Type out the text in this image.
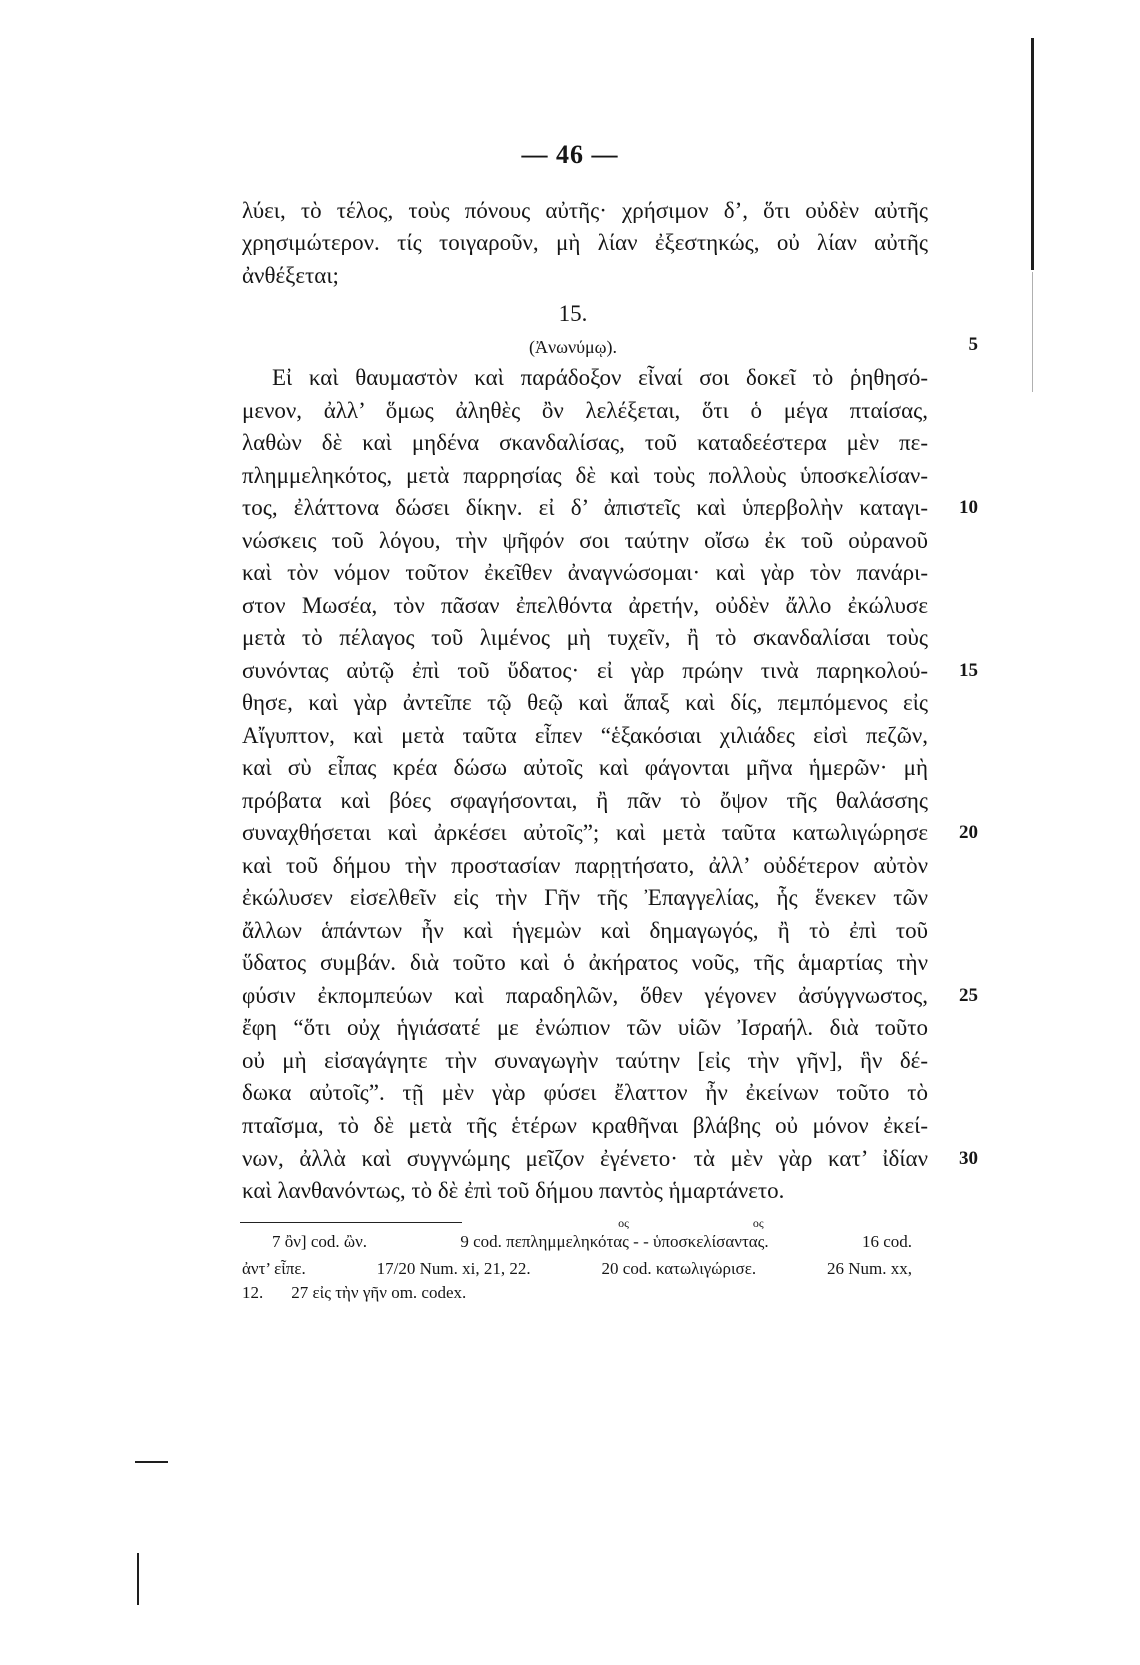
— 46 —
λύει, τὸ τέλος, τοὺς πόνους αὐτῆς· χρήσιμον δ’, ὅτι οὐδὲν αὐτῆς
χρησιμώτερον. τίς τοιγαροῦν, μὴ λίαν ἐξεστηκώς, οὐ λίαν αὐτῆς
ἀνθέξεται;
15.
(Ἀνωνύμῳ).	5
Εἰ καὶ θαυμαστὸν καὶ παράδοξον εἶναί σοι δοκεῖ τὸ ῥηθησό-
μενον, ἀλλ’ ὅμως ἀληθὲς ὂν λελέξεται, ὅτι ὁ μέγα πταίσας,
λαθὼν δὲ καὶ μηδένα σκανδαλίσας, τοῦ καταδεέστερα μὲν πε-
πλημμεληκότος, μετὰ παρρησίας δὲ καὶ τοὺς πολλοὺς ὑποσκελίσαν-
τος, ἐλάττονα δώσει δίκην. εἰ δ’ ἀπιστεῖς καὶ ὑπερβολὴν καταγι-	10
νώσκεις τοῦ λόγου, τὴν ψῆφόν σοι ταύτην οἴσω ἐκ τοῦ οὐρανοῦ
καὶ τὸν νόμον τοῦτον ἐκεῖθεν ἀναγνώσομαι· καὶ γὰρ τὸν πανάρι-
στον Μωσέα, τὸν πᾶσαν ἐπελθόντα ἀρετήν, οὐδὲν ἄλλο ἐκώλυσε
μετὰ τὸ πέλαγος τοῦ λιμένος μὴ τυχεῖν, ἢ τὸ σκανδαλίσαι τοὺς
συνόντας αὐτῷ ἐπὶ τοῦ ὕδατος· εἰ γὰρ πρώην τινὰ παρηκολού-	15
θησε, καὶ γὰρ ἀντεῖπε τῷ θεῷ καὶ ἅπαξ καὶ δίς, πεμπόμενος εἰς
Αἴγυπτον, καὶ μετὰ ταῦτα εἶπεν “ἑξακόσιαι χιλιάδες εἰσὶ πεζῶν,
καὶ σὺ εἶπας κρέα δώσω αὐτοῖς καὶ φάγονται μῆνα ἡμερῶν· μὴ
πρόβατα καὶ βόες σφαγήσονται, ἢ πᾶν τὸ ὄψον τῆς θαλάσσης
συναχθήσεται καὶ ἀρκέσει αὐτοῖς”; καὶ μετὰ ταῦτα κατωλιγώρησε	20
καὶ τοῦ δήμου τὴν προστασίαν παρῃτήσατο, ἀλλ’ οὐδέτερον αὐτὸν
ἐκώλυσεν εἰσελθεῖν εἰς τὴν Γῆν τῆς Ἐπαγγελίας, ἧς ἕνεκεν τῶν
ἄλλων ἁπάντων ἦν καὶ ἡγεμὼν καὶ δημαγωγός, ἢ τὸ ἐπὶ τοῦ
ὕδατος συμβάν. διὰ τοῦτο καὶ ὁ ἀκήρατος νοῦς, τῆς ἁμαρτίας τὴν
φύσιν ἐκπομπεύων καὶ παραδηλῶν, ὅθεν γέγονεν ἀσύγγνωστος,	25
ἔφη “ὅτι οὐχ ἡγιάσατέ με ἐνώπιον τῶν υἱῶν Ἰσραήλ. διὰ τοῦτο
οὐ μὴ εἰσαγάγητε τὴν συναγωγὴν ταύτην [εἰς τὴν γῆν], ἣν δέ-
δωκα αὐτοῖς”. τῇ μὲν γὰρ φύσει ἔλαττον ἦν ἐκείνων τοῦτο τὸ
πταῖσμα, τὸ δὲ μετὰ τῆς ἑτέρων κραθῆναι βλάβης οὐ μόνον ἐκεί-
νων, ἀλλὰ καὶ συγγνώμης μεῖζον ἐγένετο· τὰ μὲν γὰρ κατ’ ἰδίαν	30
καὶ λανθανόντως, τὸ δὲ ἐπὶ τοῦ δήμου παντὸς ἡμαρτάνετο.
7 ὂν] cod. ὢν.	9 cod. πεπλημμεληκότας
ος
- - ὑποσκελίσαντας.
ος
16 cod.
ἀντ’ εἶπε.	17/20 Num. xi, 21, 22.	20 cod. κατωλιγώρισε.	26 Num. xx,
12. 27 εἰς τὴν γῆν om. codex.
